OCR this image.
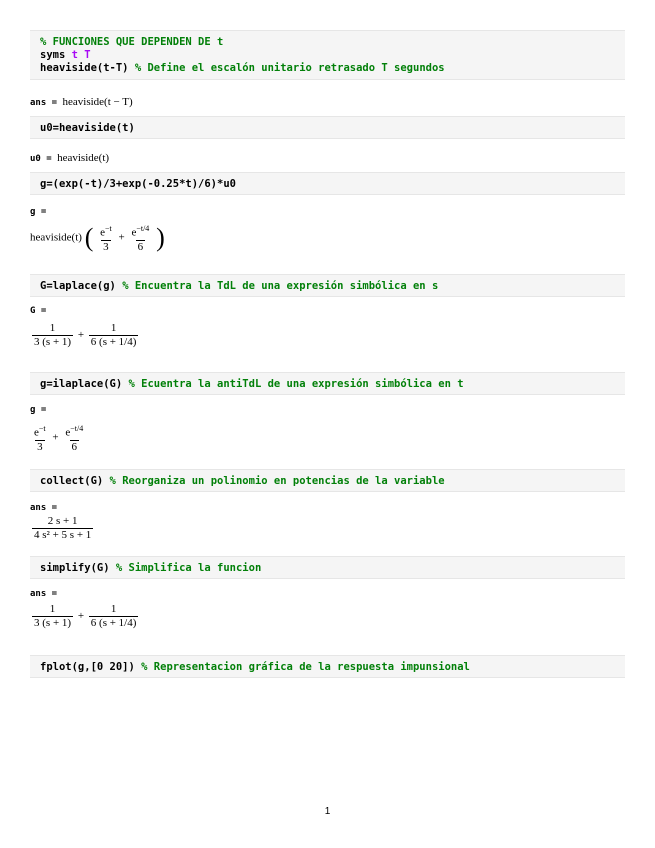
% FUNCIONES QUE DEPENDEN DE t
syms t T
heaviside(t-T) % Define el escalón unitario retrasado T segundos
ans = heaviside(t − T)
u0=heaviside(t)
u0 = heaviside(t)
g=(exp(-t)/3+exp(-0.25*t)/6)*u0
g =
heaviside(t) ( $\frac{e^{-t}}{3} + \frac{e^{-t/4}}{6}$ )
G=laplace(g) % Encuentra la TdL de una expresión simbólica en s
G =
$\frac{1}{3 (s + 1)} + \frac{1}{6 (s + 1/4)}$
g=ilaplace(G) % Ecuentra la antiTdL de una expresión simbólica en t
g =
$\frac{e^{-t}}{3} + \frac{e^{-t/4}}{6}$
collect(G) % Reorganiza un polinomio en potencias de la variable
ans =
$\frac{2 s + 1}{\text{4 s² + 5 s + 1}}$
simplify(G) % Simplifica la funcion
ans =
$\frac{1}{3 (s + 1)} + \frac{1}{6 (s + 1/4)}$
fplot(g,[0 20]) % Representacion gráfica de la respuesta impunsional
1
